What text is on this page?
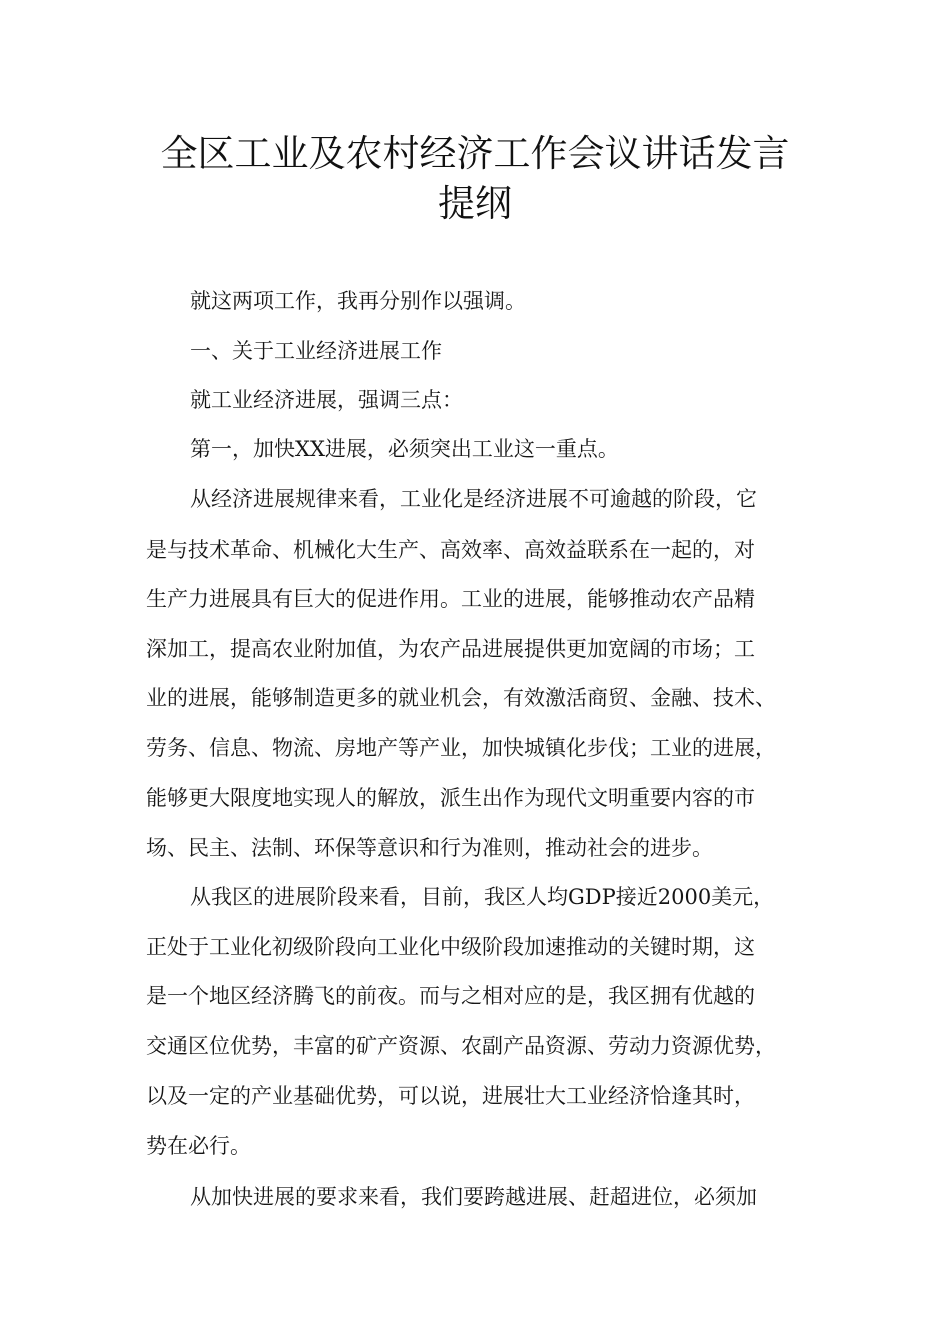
全区工业及农村经济工作会议讲话发言
提纲
就这两项工作，我再分别作以强调。
一、关于工业经济进展工作
就工业经济进展，强调三点：
第一，加快XX进展，必须突出工业这一重点。
从经济进展规律来看，工业化是经济进展不可逾越的阶段，它
是与技术革命、机械化大生产、高效率、高效益联系在一起的，对
生产力进展具有巨大的促进作用。工业的进展，能够推动农产品精
深加工，提高农业附加值，为农产品进展提供更加宽阔的市场；工
业的进展，能够制造更多的就业机会，有效激活商贸、金融、技术、
劳务、信息、物流、房地产等产业，加快城镇化步伐；工业的进展，
能够更大限度地实现人的解放，派生出作为现代文明重要内容的市
场、民主、法制、环保等意识和行为准则，推动社会的进步。
从我区的进展阶段来看，目前，我区人均GDP接近2000美元，
正处于工业化初级阶段向工业化中级阶段加速推动的关键时期，这
是一个地区经济腾飞的前夜。而与之相对应的是，我区拥有优越的
交通区位优势，丰富的矿产资源、农副产品资源、劳动力资源优势，
以及一定的产业基础优势，可以说，进展壮大工业经济恰逢其时，
势在必行。
从加快进展的要求来看，我们要跨越进展、赶超进位，必须加
